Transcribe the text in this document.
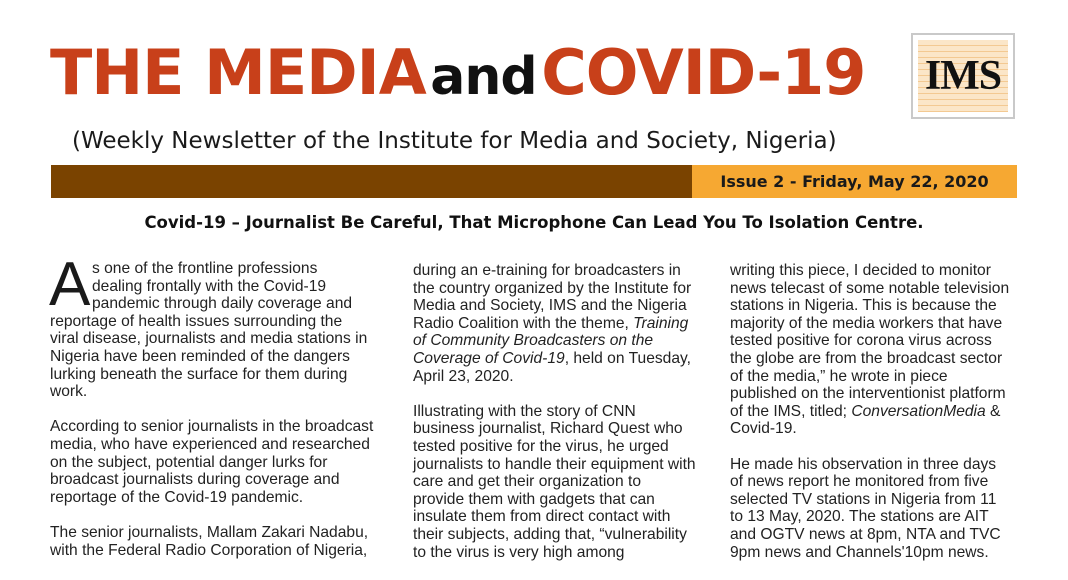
THE MEDIA and COVID-19 IMS
(Weekly Newsletter of the Institute for Media and Society, Nigeria)
Issue 2 - Friday, May 22, 2020
Covid-19 – Journalist Be Careful, That Microphone Can Lead You To Isolation Centre.

A s one of the frontline professions
dealing frontally with the Covid-19
pandemic through daily coverage and
reportage of health issues surrounding the
viral disease, journalists and media stations in
Nigeria have been reminded of the dangers
lurking beneath the surface for them during
work.

According to senior journalists in the broadcast
media, who have experienced and researched
on the subject, potential danger lurks for
broadcast journalists during coverage and
reportage of the Covid-19 pandemic.

The senior journalists, Mallam Zakari Nadabu,
with the Federal Radio Corporation of Nigeria,

during an e-training for broadcasters in
the country organized by the Institute for
Media and Society, IMS and the Nigeria
Radio Coalition with the theme, Training
of Community Broadcasters on the
Coverage of Covid-19, held on Tuesday,
April 23, 2020.

Illustrating with the story of CNN
business journalist, Richard Quest who
tested positive for the virus, he urged
journalists to handle their equipment with
care and get their organization to
provide them with gadgets that can
insulate them from direct contact with
their subjects, adding that, “vulnerability
to the virus is very high among

writing this piece, I decided to monitor
news telecast of some notable television
stations in Nigeria. This is because the
majority of the media workers that have
tested positive for corona virus across
the globe are from the broadcast sector
of the media,” he wrote in piece
published on the interventionist platform
of the IMS, titled; ConversationMedia &
Covid-19.

He made his observation in three days
of news report he monitored from five
selected TV stations in Nigeria from 11
to 13 May, 2020. The stations are AIT
and OGTV news at 8pm, NTA and TVC
9pm news and Channels'10pm news.
